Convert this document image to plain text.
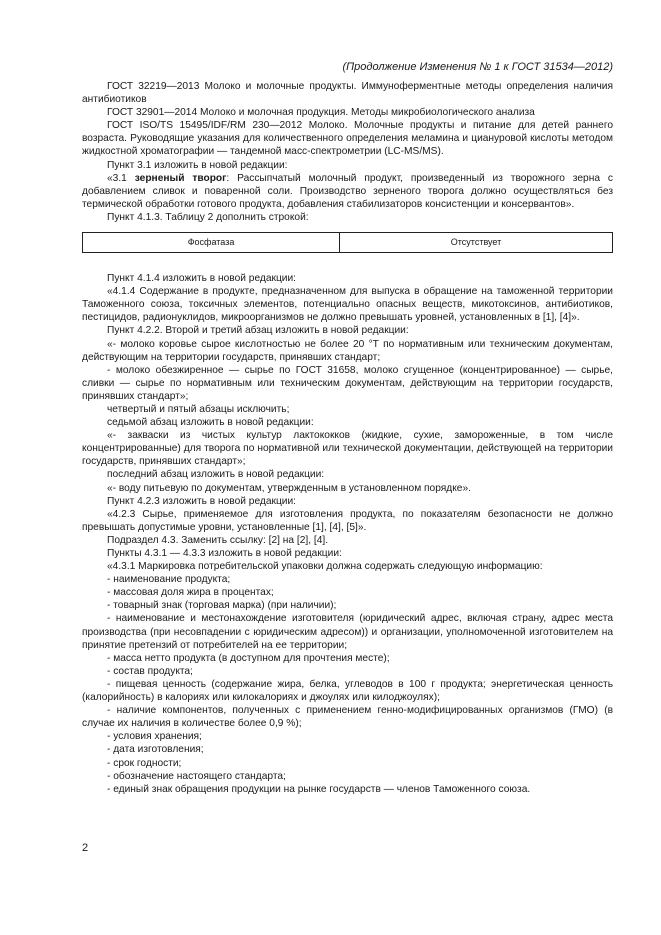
(Продолжение Изменения № 1 к ГОСТ 31534—2012)

ГОСТ 32219—2013 Молоко и молочные продукты. Иммуноферментные методы определения наличия антибиотиков

ГОСТ 32901—2014 Молоко и молочная продукция. Методы микробиологического анализа

ГОСТ ISO/TS 15495/IDF/RM 230—2012 Молоко. Молочные продукты и питание для детей раннего возраста. Руководящие указания для количественного определения меламина и циануровой кислоты методом жидкостной хроматографии — тандемной масс-спектрометрии (LC-MS/MS).

Пункт 3.1 изложить в новой редакции:

«3.1 зерненый творог: Рассыпчатый молочный продукт, произведенный из творожного зерна с добавлением сливок и поваренной соли. Производство зерненого творога должно осуществляться без термической обработки готового продукта, добавления стабилизаторов консистенции и консервантов».

Пункт 4.1.3. Таблицу 2 дополнить строкой:

Фосфатаза	Отсутствует

Пункт 4.1.4 изложить в новой редакции:

«4.1.4 Содержание в продукте, предназначенном для выпуска в обращение на таможенной территории Таможенного союза, токсичных элементов, потенциально опасных веществ, микотоксинов, антибиотиков, пестицидов, радионуклидов, микроорганизмов не должно превышать уровней, установленных в [1], [4]».

Пункт 4.2.2. Второй и третий абзац изложить в новой редакции:

«- молоко коровье сырое кислотностью не более 20 °Т по нормативным или техническим документам, действующим на территории государств, принявших стандарт;

- молоко обезжиренное — сырье по ГОСТ 31658, молоко сгущенное (концентрированное) — сырье, сливки — сырье по нормативным или техническим документам, действующим на территории государств, принявших стандарт»;

четвертый и пятый абзацы исключить;

седьмой абзац изложить в новой редакции:

«- закваски из чистых культур лактококков (жидкие, сухие, замороженные, в том числе концентрированные) для творога по нормативной или технической документации, действующей на территории государств, принявших стандарт»;

последний абзац изложить в новой редакции:

«- воду питьевую по документам, утвержденным в установленном порядке».

Пункт 4.2.3 изложить в новой редакции:

«4.2.3 Сырье, применяемое для изготовления продукта, по показателям безопасности не должно превышать допустимые уровни, установленные [1], [4], [5]».

Подраздел 4.3. Заменить ссылку: [2] на [2], [4].

Пункты 4.3.1 — 4.3.3 изложить в новой редакции:

«4.3.1 Маркировка потребительской упаковки должна содержать следующую информацию:

- наименование продукта;

- массовая доля жира в процентах;

- товарный знак (торговая марка) (при наличии);

- наименование и местонахождение изготовителя (юридический адрес, включая страну, адрес места производства (при несовпадении с юридическим адресом)) и организации, уполномоченной изготовителем на принятие претензий от потребителей на ее территории;

- масса нетто продукта (в доступном для прочтения месте);

- состав продукта;

- пищевая ценность (содержание жира, белка, углеводов в 100 г продукта; энергетическая ценность (калорийность) в калориях или килокалориях и джоулях или килоджоулях);

- наличие компонентов, полученных с применением генно-модифицированных организмов (ГМО) (в случае их наличия в количестве более 0,9 %);

- условия хранения;

- дата изготовления;

- срок годности;

- обозначение настоящего стандарта;

- единый знак обращения продукции на рынке государств — членов Таможенного союза.

2
